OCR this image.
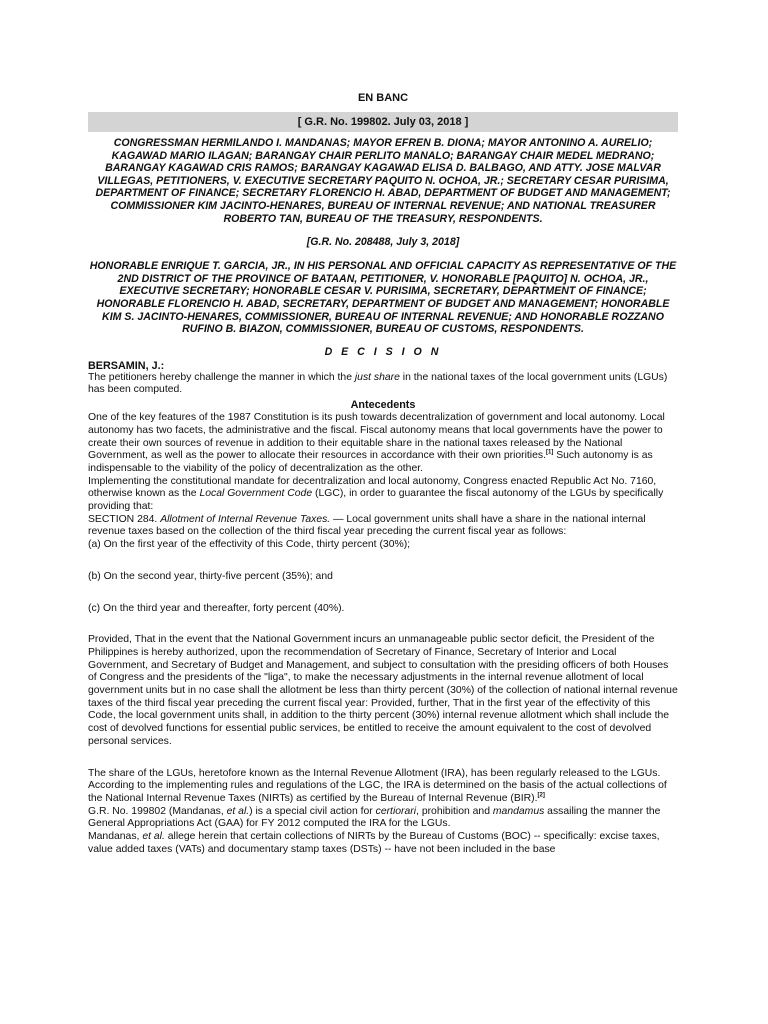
EN BANC
[ G.R. No. 199802. July 03, 2018 ]
CONGRESSMAN HERMILANDO I. MANDANAS; MAYOR EFREN B. DIONA; MAYOR ANTONINO A. AURELIO; KAGAWAD MARIO ILAGAN; BARANGAY CHAIR PERLITO MANALO; BARANGAY CHAIR MEDEL MEDRANO; BARANGAY KAGAWAD CRIS RAMOS; BARANGAY KAGAWAD ELISA D. BALBAGO, AND ATTY. JOSE MALVAR VILLEGAS, PETITIONERS, V. EXECUTIVE SECRETARY PAQUITO N. OCHOA, JR.; SECRETARY CESAR PURISIMA, DEPARTMENT OF FINANCE; SECRETARY FLORENCIO H. ABAD, DEPARTMENT OF BUDGET AND MANAGEMENT; COMMISSIONER KIM JACINTO-HENARES, BUREAU OF INTERNAL REVENUE; AND NATIONAL TREASURER ROBERTO TAN, BUREAU OF THE TREASURY, RESPONDENTS.
[G.R. No. 208488, July 3, 2018]
HONORABLE ENRIQUE T. GARCIA, JR., IN HIS PERSONAL AND OFFICIAL CAPACITY AS REPRESENTATIVE OF THE 2ND DISTRICT OF THE PROVINCE OF BATAAN, PETITIONER, V. HONORABLE [PAQUITO] N. OCHOA, JR., EXECUTIVE SECRETARY; HONORABLE CESAR V. PURISIMA, SECRETARY, DEPARTMENT OF FINANCE; HONORABLE FLORENCIO H. ABAD, SECRETARY, DEPARTMENT OF BUDGET AND MANAGEMENT; HONORABLE KIM S. JACINTO-HENARES, COMMISSIONER, BUREAU OF INTERNAL REVENUE; AND HONORABLE ROZZANO RUFINO B. BIAZON, COMMISSIONER, BUREAU OF CUSTOMS, RESPONDENTS.
D E C I S I O N
BERSAMIN, J.:

The petitioners hereby challenge the manner in which the just share in the national taxes of the local government units (LGUs) has been computed.

Antecedents

One of the key features of the 1987 Constitution is its push towards decentralization of government and local autonomy. Local autonomy has two facets, the administrative and the fiscal. Fiscal autonomy means that local governments have the power to create their own sources of revenue in addition to their equitable share in the national taxes released by the National Government, as well as the power to allocate their resources in accordance with their own priorities.[1] Such autonomy is as indispensable to the viability of the policy of decentralization as the other.

Implementing the constitutional mandate for decentralization and local autonomy, Congress enacted Republic Act No. 7160, otherwise known as the Local Government Code (LGC), in order to guarantee the fiscal autonomy of the LGUs by specifically providing that:

SECTION 284. Allotment of Internal Revenue Taxes. — Local government units shall have a share in the national internal revenue taxes based on the collection of the third fiscal year preceding the current fiscal year as follows:

(a) On the first year of the effectivity of this Code, thirty percent (30%);

(b) On the second year, thirty-five percent (35%); and

(c) On the third year and thereafter, forty percent (40%).

Provided, That in the event that the National Government incurs an unmanageable public sector deficit, the President of the Philippines is hereby authorized, upon the recommendation of Secretary of Finance, Secretary of Interior and Local Government, and Secretary of Budget and Management, and subject to consultation with the presiding officers of both Houses of Congress and the presidents of the "liga", to make the necessary adjustments in the internal revenue allotment of local government units but in no case shall the allotment be less than thirty percent (30%) of the collection of national internal revenue taxes of the third fiscal year preceding the current fiscal year: Provided, further, That in the first year of the effectivity of this Code, the local government units shall, in addition to the thirty percent (30%) internal revenue allotment which shall include the cost of devolved functions for essential public services, be entitled to receive the amount equivalent to the cost of devolved personal services.

The share of the LGUs, heretofore known as the Internal Revenue Allotment (IRA), has been regularly released to the LGUs. According to the implementing rules and regulations of the LGC, the IRA is determined on the basis of the actual collections of the National Internal Revenue Taxes (NIRTs) as certified by the Bureau of Internal Revenue (BIR).[2]

G.R. No. 199802 (Mandanas, et al.) is a special civil action for certiorari, prohibition and mandamus assailing the manner the General Appropriations Act (GAA) for FY 2012 computed the IRA for the LGUs.

Mandanas, et al. allege herein that certain collections of NIRTs by the Bureau of Customs (BOC) -- specifically: excise taxes, value added taxes (VATs) and documentary stamp taxes (DSTs) -- have not been included in the base
